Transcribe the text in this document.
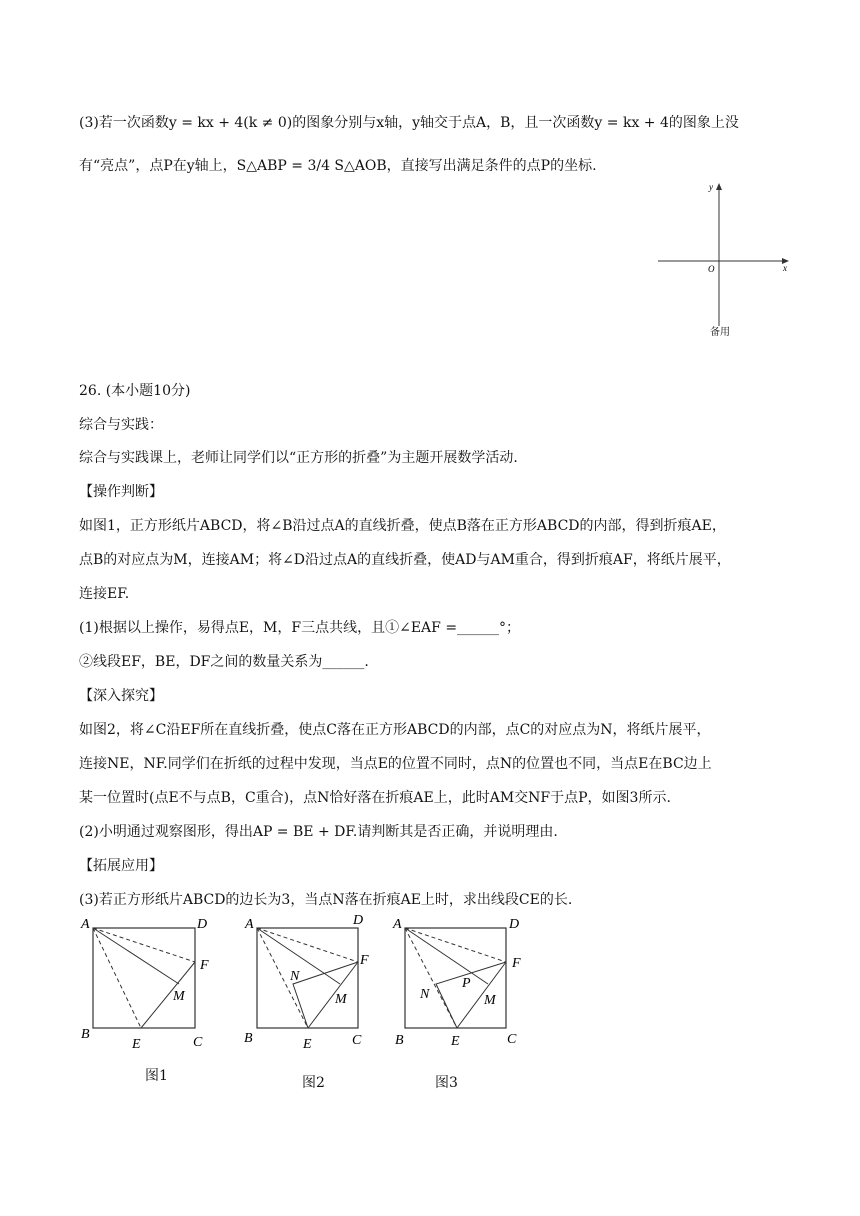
(3)若一次函数y = kx + 4(k ≠ 0)的图象分别与x轴，y轴交于点A，B，且一次函数y = kx + 4的图象上没
有“亮点”，点P在y轴上，S△ABP = 3/4 S△AOB，直接写出满足条件的点P的坐标.
x
y
O
备用
26. (本小题10分)
综合与实践：
综合与实践课上，老师让同学们以“正方形的折叠”为主题开展数学活动.
【操作判断】
如图1，正方形纸片ABCD，将∠B沿过点A的直线折叠，使点B落在正方形ABCD的内部，得到折痕AE，
点B的对应点为M，连接AM；将∠D沿过点A的直线折叠，使AD与AM重合，得到折痕AF，将纸片展平，
连接EF.
(1)根据以上操作，易得点E，M，F三点共线，且①∠EAF =______°；
②线段EF，BE，DF之间的数量关系为______.
【深入探究】
如图2，将∠C沿EF所在直线折叠，使点C落在正方形ABCD的内部，点C的对应点为N，将纸片展平，
连接NE，NF.同学们在折纸的过程中发现，当点E的位置不同时，点N的位置也不同，当点E在BC边上
某一位置时(点E不与点B，C重合)，点N恰好落在折痕AE上，此时AM交NF于点P，如图3所示.
(2)小明通过观察图形，得出AP = BE + DF.请判断其是否正确，并说明理由.
【拓展应用】
(3)若正方形纸片ABCD的边长为3，当点N落在折痕AE上时，求出线段CE的长.
A	D
F
M
B
E	C
图1
A	D
F
N
M
B	E	C
图2
A	D
F
P
N	M
B	E	C
图3
